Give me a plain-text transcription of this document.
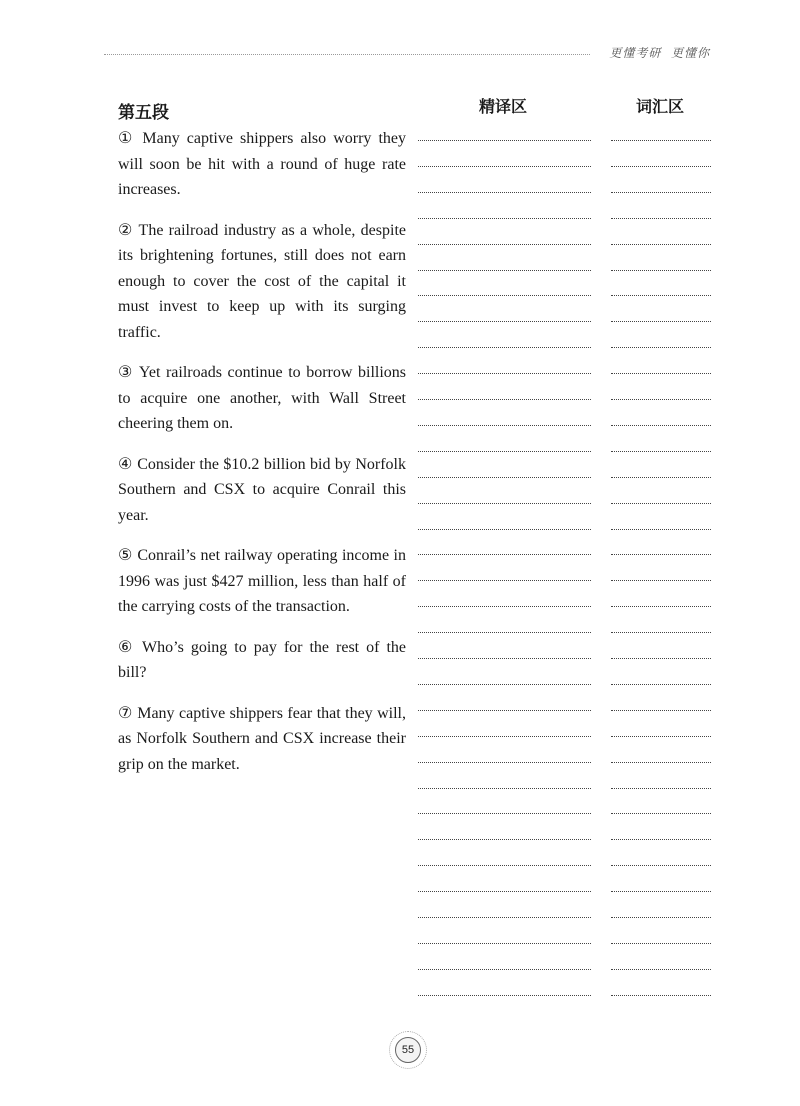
更懂考研  更懂你
第五段	精译区	词汇区
① Many captive shippers also worry they will soon be hit with a round of huge rate increases.
② The railroad industry as a whole, despite its brightening fortunes, still does not earn enough to cover the cost of the capital it must invest to keep up with its surging traffic.
③ Yet railroads continue to borrow billions to acquire one another, with Wall Street cheering them on.
④ Consider the $10.2 billion bid by Norfolk Southern and CSX to acquire Conrail this year.
⑤ Conrail’s net railway operating income in 1996 was just $427 million, less than half of the carrying costs of the transaction.
⑥ Who’s going to pay for the rest of the bill?
⑦ Many captive shippers fear that they will, as Norfolk Southern and CSX increase their grip on the market.
55
